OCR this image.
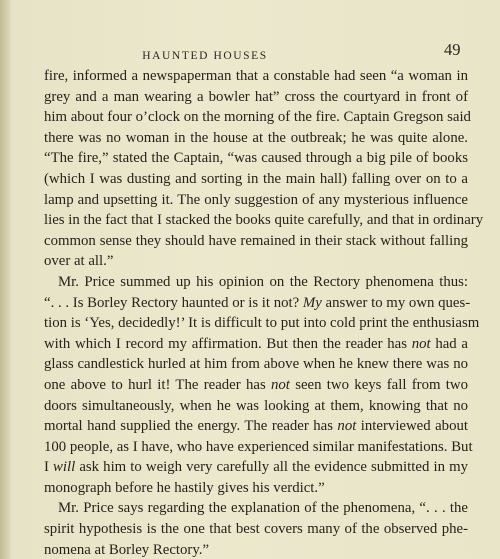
HAUNTED HOUSES	49

fire, informed a newspaperman that a constable had seen “a woman in
grey and a man wearing a bowler hat” cross the courtyard in front of
him about four o’clock on the morning of the fire. Captain Gregson said
there was no woman in the house at the outbreak; he was quite alone.
“The fire,” stated the Captain, “was caused through a big pile of books
(which I was dusting and sorting in the main hall) falling over on to a
lamp and upsetting it. The only suggestion of any mysterious influence
lies in the fact that I stacked the books quite carefully, and that in ordinary
common sense they should have remained in their stack without falling
over at all.”

Mr. Price summed up his opinion on the Rectory phenomena thus:
“. . . Is Borley Rectory haunted or is it not? My answer to my own ques-
tion is ‘Yes, decidedly!’ It is difficult to put into cold print the enthusiasm
with which I record my affirmation. But then the reader has not had a
glass candlestick hurled at him from above when he knew there was no
one above to hurl it! The reader has not seen two keys fall from two
doors simultaneously, when he was looking at them, knowing that no
mortal hand supplied the energy. The reader has not interviewed about
100 people, as I have, who have experienced similar manifestations. But
I will ask him to weigh very carefully all the evidence submitted in my
monograph before he hastily gives his verdict.”

Mr. Price says regarding the explanation of the phenomena, “. . . the
spirit hypothesis is the one that best covers many of the observed phe-
nomena at Borley Rectory.”
